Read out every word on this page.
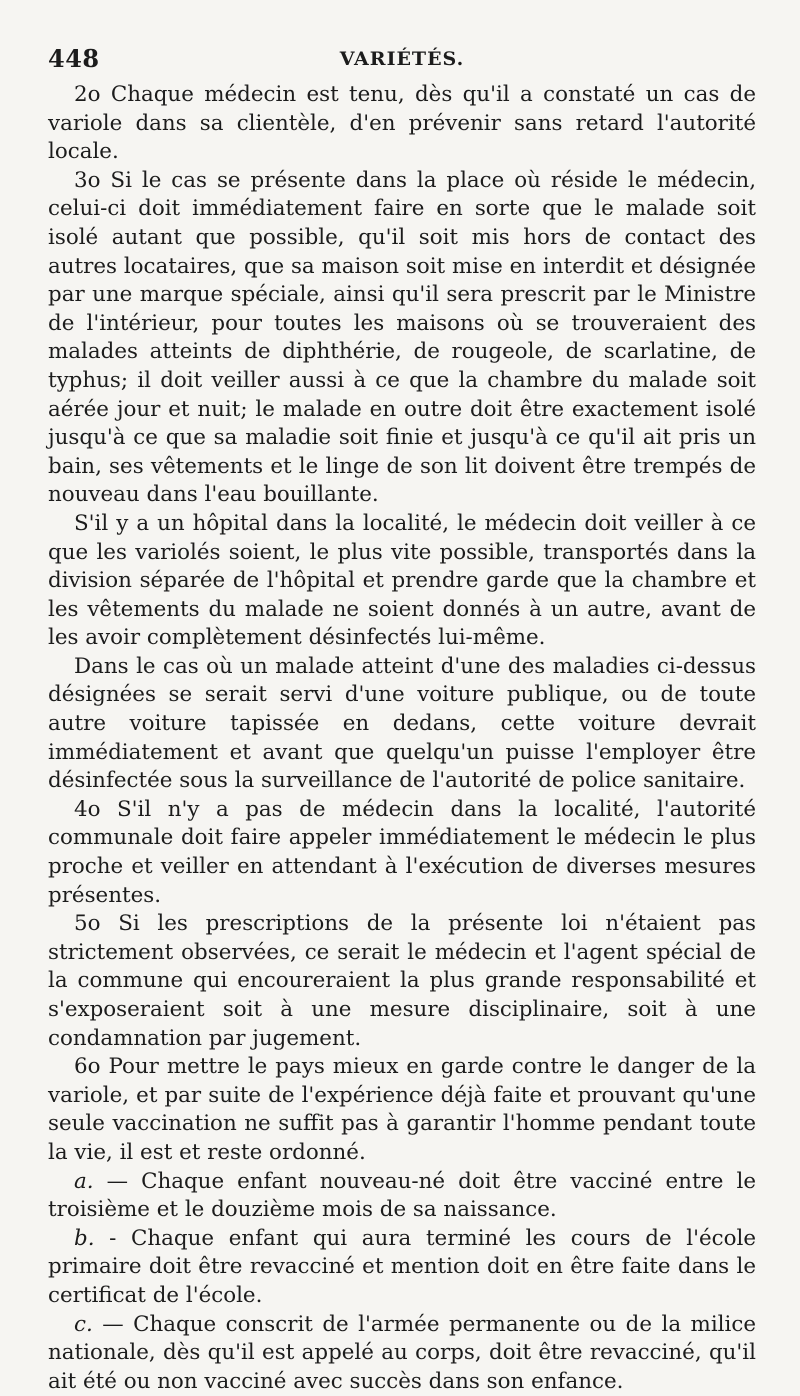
448	VARIÉTÉS.

2o Chaque médecin est tenu, dès qu'il a constaté un cas de variole dans sa clientèle, d'en prévenir sans retard l'autorité locale.

3o Si le cas se présente dans la place où réside le médecin, celui-ci doit immédiatement faire en sorte que le malade soit isolé autant que possible, qu'il soit mis hors de contact des autres locataires, que sa maison soit mise en interdit et désignée par une marque spéciale, ainsi qu'il sera prescrit par le Ministre de l'intérieur, pour toutes les maisons où se trouveraient des malades atteints de diphthérie, de rougeole, de scarlatine, de typhus; il doit veiller aussi à ce que la chambre du malade soit aérée jour et nuit; le malade en outre doit être exactement isolé jusqu'à ce que sa maladie soit finie et jusqu'à ce qu'il ait pris un bain, ses vêtements et le linge de son lit doivent être trempés de nouveau dans l'eau bouillante.

S'il y a un hôpital dans la localité, le médecin doit veiller à ce que les variolés soient, le plus vite possible, transportés dans la division séparée de l'hôpital et prendre garde que la chambre et les vêtements du malade ne soient donnés à un autre, avant de les avoir complètement désinfectés lui-même.

Dans le cas où un malade atteint d'une des maladies ci-dessus désignées se serait servi d'une voiture publique, ou de toute autre voiture tapissée en dedans, cette voiture devrait immédiatement et avant que quelqu'un puisse l'employer être désinfectée sous la surveillance de l'autorité de police sanitaire.

4o S'il n'y a pas de médecin dans la localité, l'autorité communale doit faire appeler immédiatement le médecin le plus proche et veiller en attendant à l'exécution de diverses mesures présentes.

5o Si les prescriptions de la présente loi n'étaient pas strictement observées, ce serait le médecin et l'agent spécial de la commune qui encoureraient la plus grande responsabilité et s'exposeraient soit à une mesure disciplinaire, soit à une condamnation par jugement.

6o Pour mettre le pays mieux en garde contre le danger de la variole, et par suite de l'expérience déjà faite et prouvant qu'une seule vaccination ne suffit pas à garantir l'homme pendant toute la vie, il est et reste ordonné.

a. — Chaque enfant nouveau-né doit être vacciné entre le troisième et le douzième mois de sa naissance.

b. - Chaque enfant qui aura terminé les cours de l'école primaire doit être revacciné et mention doit en être faite dans le certificat de l'école.

c. — Chaque conscrit de l'armée permanente ou de la milice nationale, dès qu'il est appelé au corps, doit être revacciné, qu'il ait été ou non vacciné avec succès dans son enfance.
